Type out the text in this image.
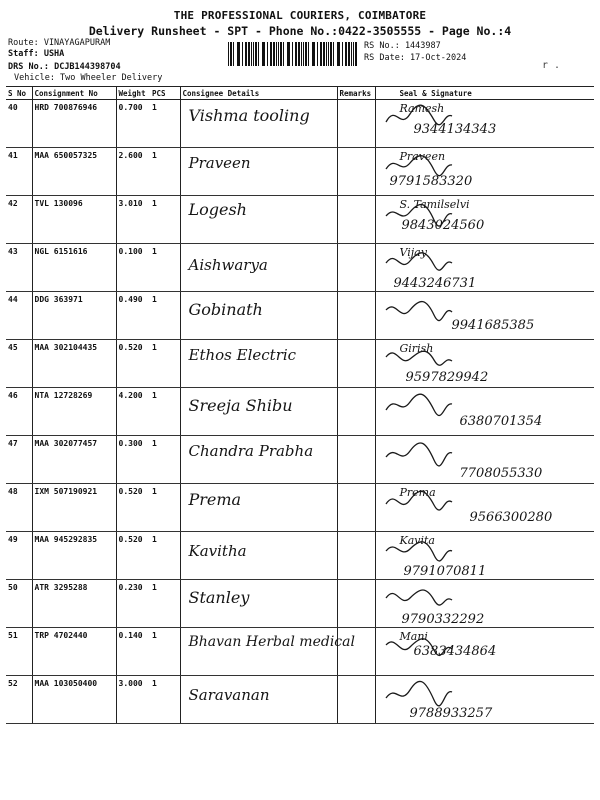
THE PROFESSIONAL COURIERS, COIMBATORE
Delivery Runsheet - SPT - Phone No.:0422-3505555 - Page No.:4
Route: VINAYAGAPURAM
Staff: USHA
DRS No.: DCJB144398704
Vehicle: Two Wheeler Delivery
RS No.: 1443987
RS Date: 17-Oct-2024
r .
S No	Consignment No	Weight	PCS	Consignee Details	Remarks	Seal & Signature
40	HRD 700876946	0.700	1	Vishma tooling		Ramesh
9344134343

41	MAA 650057325	2.600	1	Praveen		Praveen
9791583320

42	TVL 130096	3.010	1	Logesh		S. Tamilselvi
9843024560

43	NGL 6151616	0.100	1	Aishwarya		Vijay
9443246731

44	DDG 363971	0.490	1	Gobinath		9941685385

45	MAA 302104435	0.520	1	Ethos Electric		Girish
9597829942

46	NTA 12728269	4.200	1	Sreeja Shibu		6380701354

47	MAA 302077457	0.300	1	Chandra Prabha		7708055330

48	IXM 507190921	0.520	1	Prema		Prema
9566300280

49	MAA 945292835	0.520	1	Kavitha		Kavita
9791070811

50	ATR 3295288	0.230	1	Stanley		9790332292

51	TRP 4702440	0.140	1	Bhavan Herbal medical		Mani
6383434864

52	MAA 103050400	3.000	1	Saravanan		9788933257
